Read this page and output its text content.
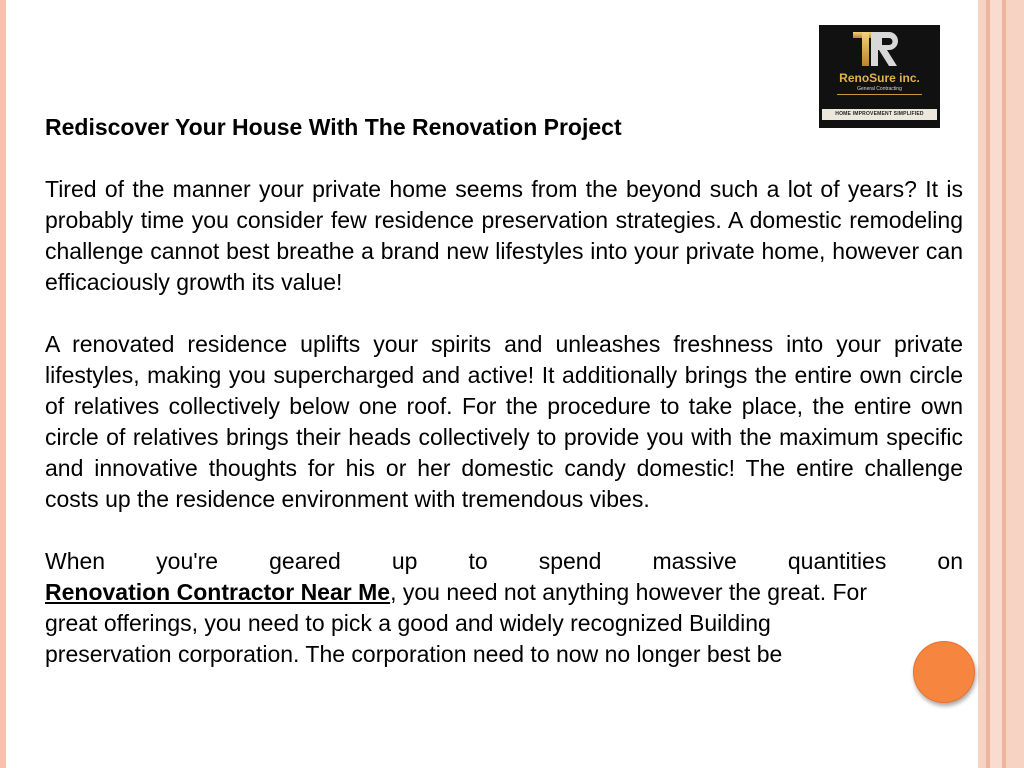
RenoSure inc.
General Contracting
HOME IMPROVEMENT SIMPLIFIED

Rediscover Your House With The Renovation Project

Tired of the manner your private home seems from the beyond such a lot of years? It is probably time you consider few residence preservation strategies. A domestic remodeling challenge cannot best breathe a brand new lifestyles into your private home, however can efficaciously growth its value!

A renovated residence uplifts your spirits and unleashes freshness into your private lifestyles, making you supercharged and active! It additionally brings the entire own circle of relatives collectively below one roof. For the procedure to take place, the entire own circle of relatives brings their heads collectively to provide you with the maximum specific and innovative thoughts for his or her domestic candy domestic! The entire challenge costs up the residence environment with tremendous vibes.

When you're geared up to spend massive quantities on
Renovation Contractor Near Me, you need not anything however the great. For
great offerings, you need to pick a good and widely recognized Building
preservation corporation. The corporation need to now no longer best be
